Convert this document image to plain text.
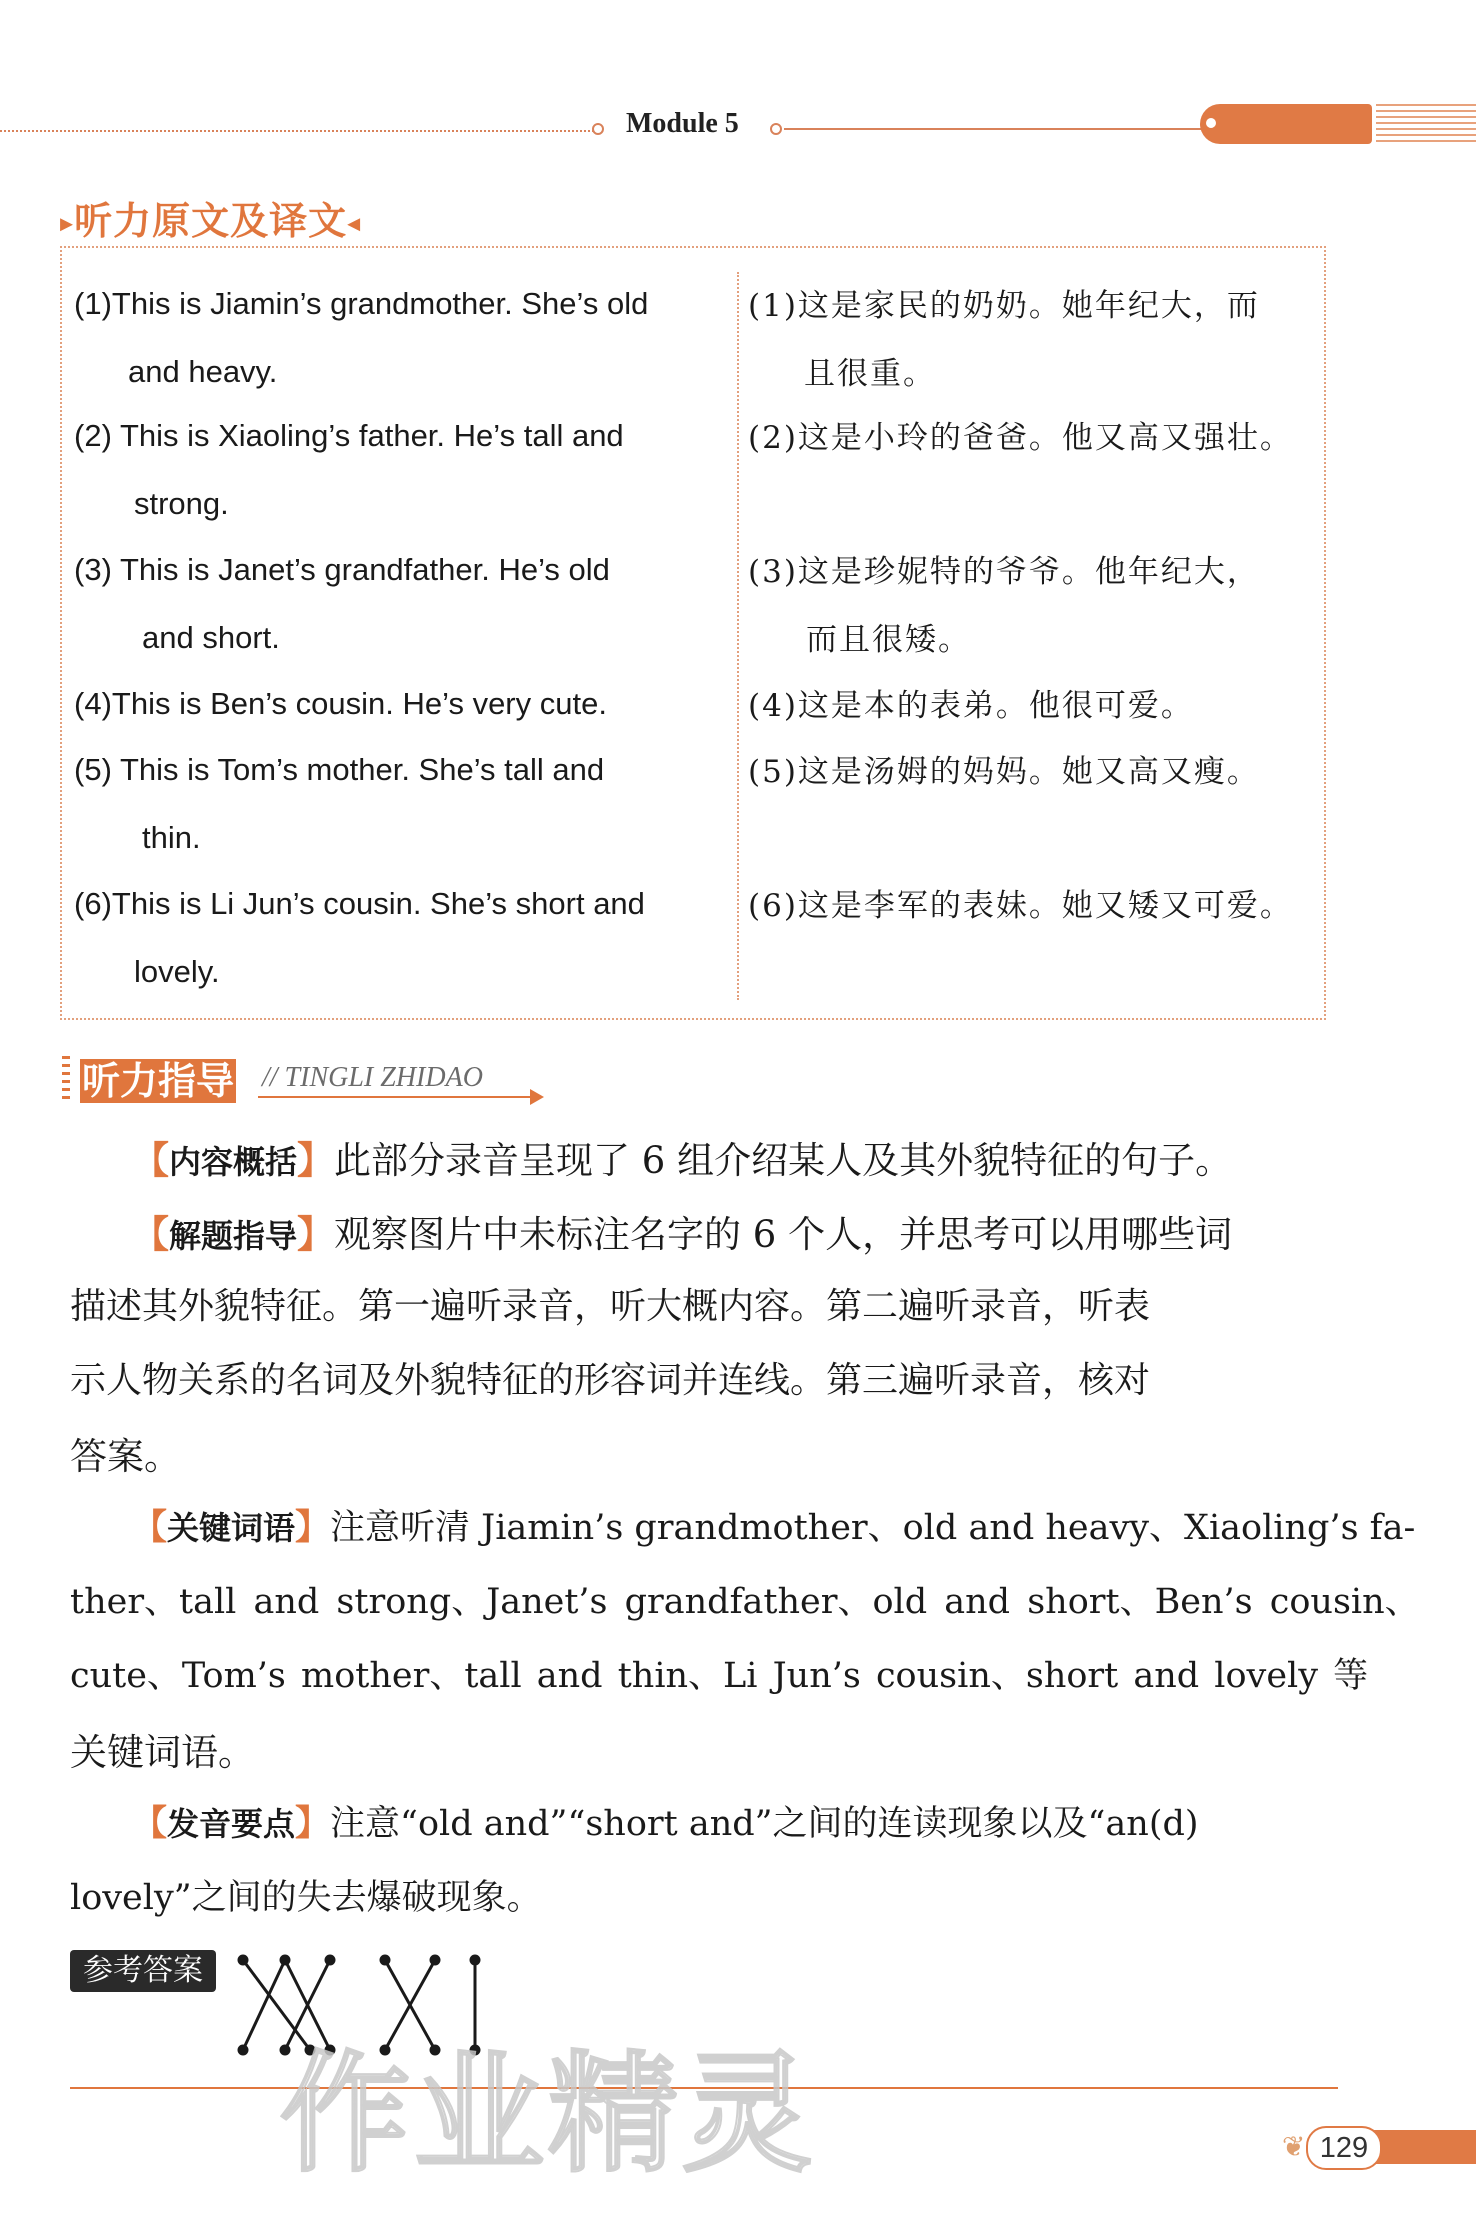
Module 5
▸听力原文及译文◂
(1)This is Jiamin’s grandmother. She’s old
and heavy.
(2) This is Xiaoling’s father. He’s tall and
strong.
(3) This is Janet’s grandfather. He’s old
and short.
(4)This is Ben’s cousin. He’s very cute.
(5) This is Tom’s mother. She’s tall and
thin.
(6)This is Li Jun’s cousin. She’s short and
lovely.
(1)这是家民的奶奶。她年纪大，而
且很重。
(2)这是小玲的爸爸。他又高又强壮。
(3)这是珍妮特的爷爷。他年纪大，
而且很矮。
(4)这是本的表弟。他很可爱。
(5)这是汤姆的妈妈。她又高又瘦。
(6)这是李军的表妹。她又矮又可爱。
听力指导 // TINGLI ZHIDAO
【内容概括】此部分录音呈现了 6 组介绍某人及其外貌特征的句子。
【解题指导】观察图片中未标注名字的 6 个人，并思考可以用哪些词
描述其外貌特征。第一遍听录音，听大概内容。第二遍听录音，听表
示人物关系的名词及外貌特征的形容词并连线。第三遍听录音，核对
答案。
【关键词语】注意听清 Jiamin’s grandmother、old and heavy、Xiaoling’s fa-
ther、tall and strong、Janet’s grandfather、old and short、Ben’s cousin、
cute、Tom’s mother、tall and thin、Li Jun’s cousin、short and lovely 等
关键词语。
【发音要点】注意“old and”“short and”之间的连读现象以及“an(d)
lovely”之间的失去爆破现象。
参考答案
❦ 129
作业精灵
